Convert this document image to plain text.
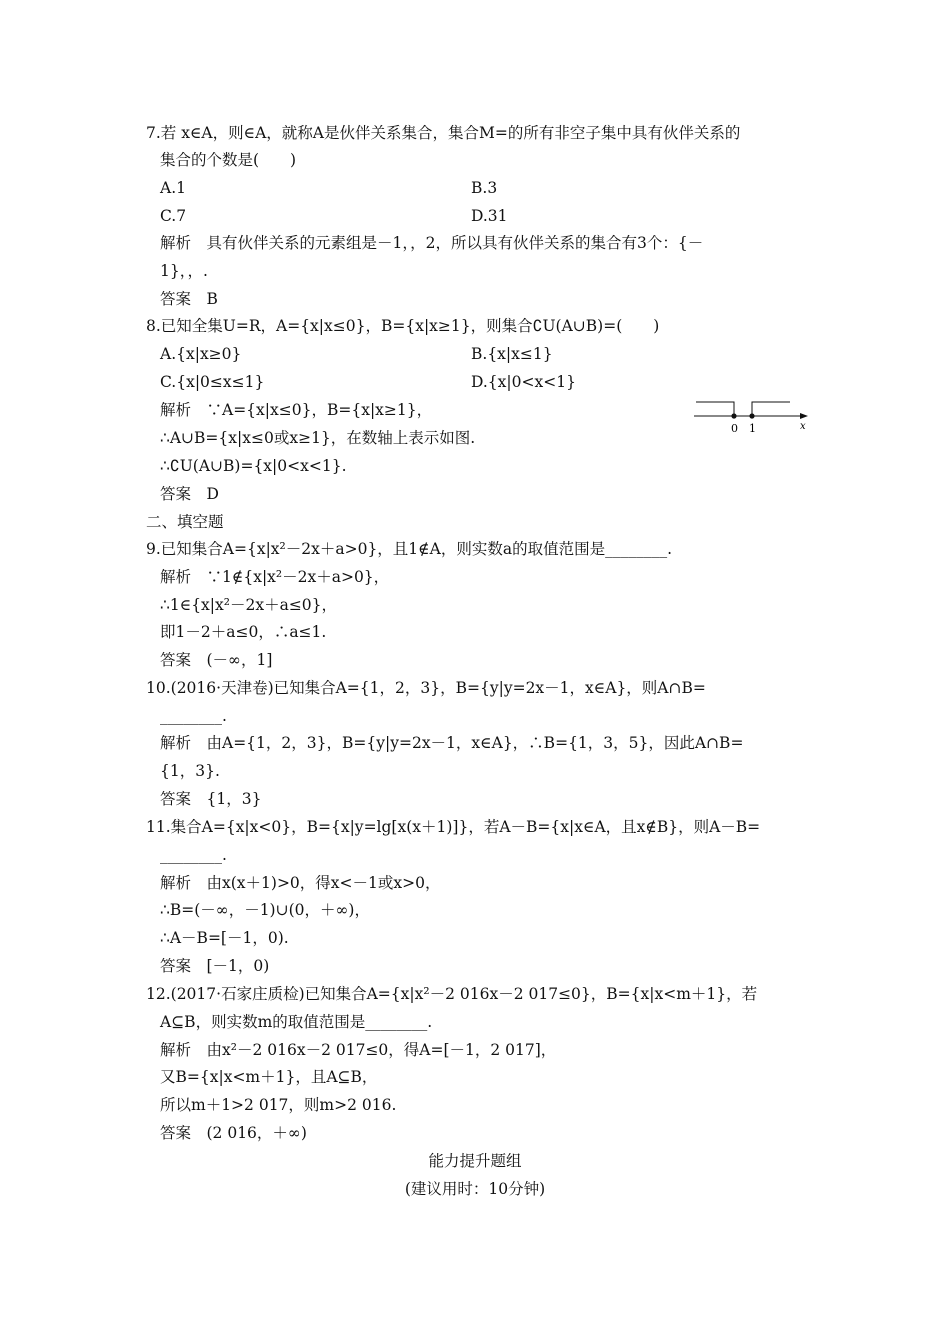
7.若 x∈A，则∈A，就称A是伙伴关系集合，集合M=的所有非空子集中具有伙伴关系的
集合的个数是(　　)
A.1	B.3
C.7	D.31
解析　具有伙伴关系的元素组是－1，，2，所以具有伙伴关系的集合有3个：{－
1}，，.
答案　B
8.已知全集U=R，A={x|x≤0}，B={x|x≥1}，则集合∁U(A∪B)=(　　)
A.{x|x≥0}	B.{x|x≤1}
C.{x|0≤x≤1}	D.{x|0<x<1}
解析　∵A={x|x≤0}，B={x|x≥1}，
∴A∪B={x|x≤0或x≥1}，在数轴上表示如图.
∴∁U(A∪B)={x|0<x<1}.
答案　D
0 1	x
二、填空题
9.已知集合A={x|x²－2x＋a>0}，且1∉A，则实数a的取值范围是________.
解析　∵1∉{x|x²－2x＋a>0}，
∴1∈{x|x²－2x＋a≤0}，
即1－2＋a≤0，∴a≤1.
答案　(－∞，1]
10.(2016·天津卷)已知集合A={1，2，3}，B={y|y=2x－1，x∈A}，则A∩B=
________.
解析　由A={1，2，3}，B={y|y=2x－1，x∈A}，∴B={1，3，5}，因此A∩B=
{1，3}.
答案　{1，3}
11.集合A={x|x<0}，B={x|y=lg[x(x＋1)]}，若A－B={x|x∈A，且x∉B}，则A－B=
________.
解析　由x(x＋1)>0，得x<－1或x>0，
∴B=(－∞，－1)∪(0，＋∞)，
∴A－B=[－1，0).
答案　[－1，0)
12.(2017·石家庄质检)已知集合A={x|x²－2 016x－2 017≤0}，B={x|x<m＋1}，若
A⊆B，则实数m的取值范围是________.
解析　由x²－2 016x－2 017≤0，得A=[－1，2 017]，
又B={x|x<m＋1}，且A⊆B，
所以m＋1>2 017，则m>2 016.
答案　(2 016，＋∞)
能力提升题组
(建议用时：10分钟)
